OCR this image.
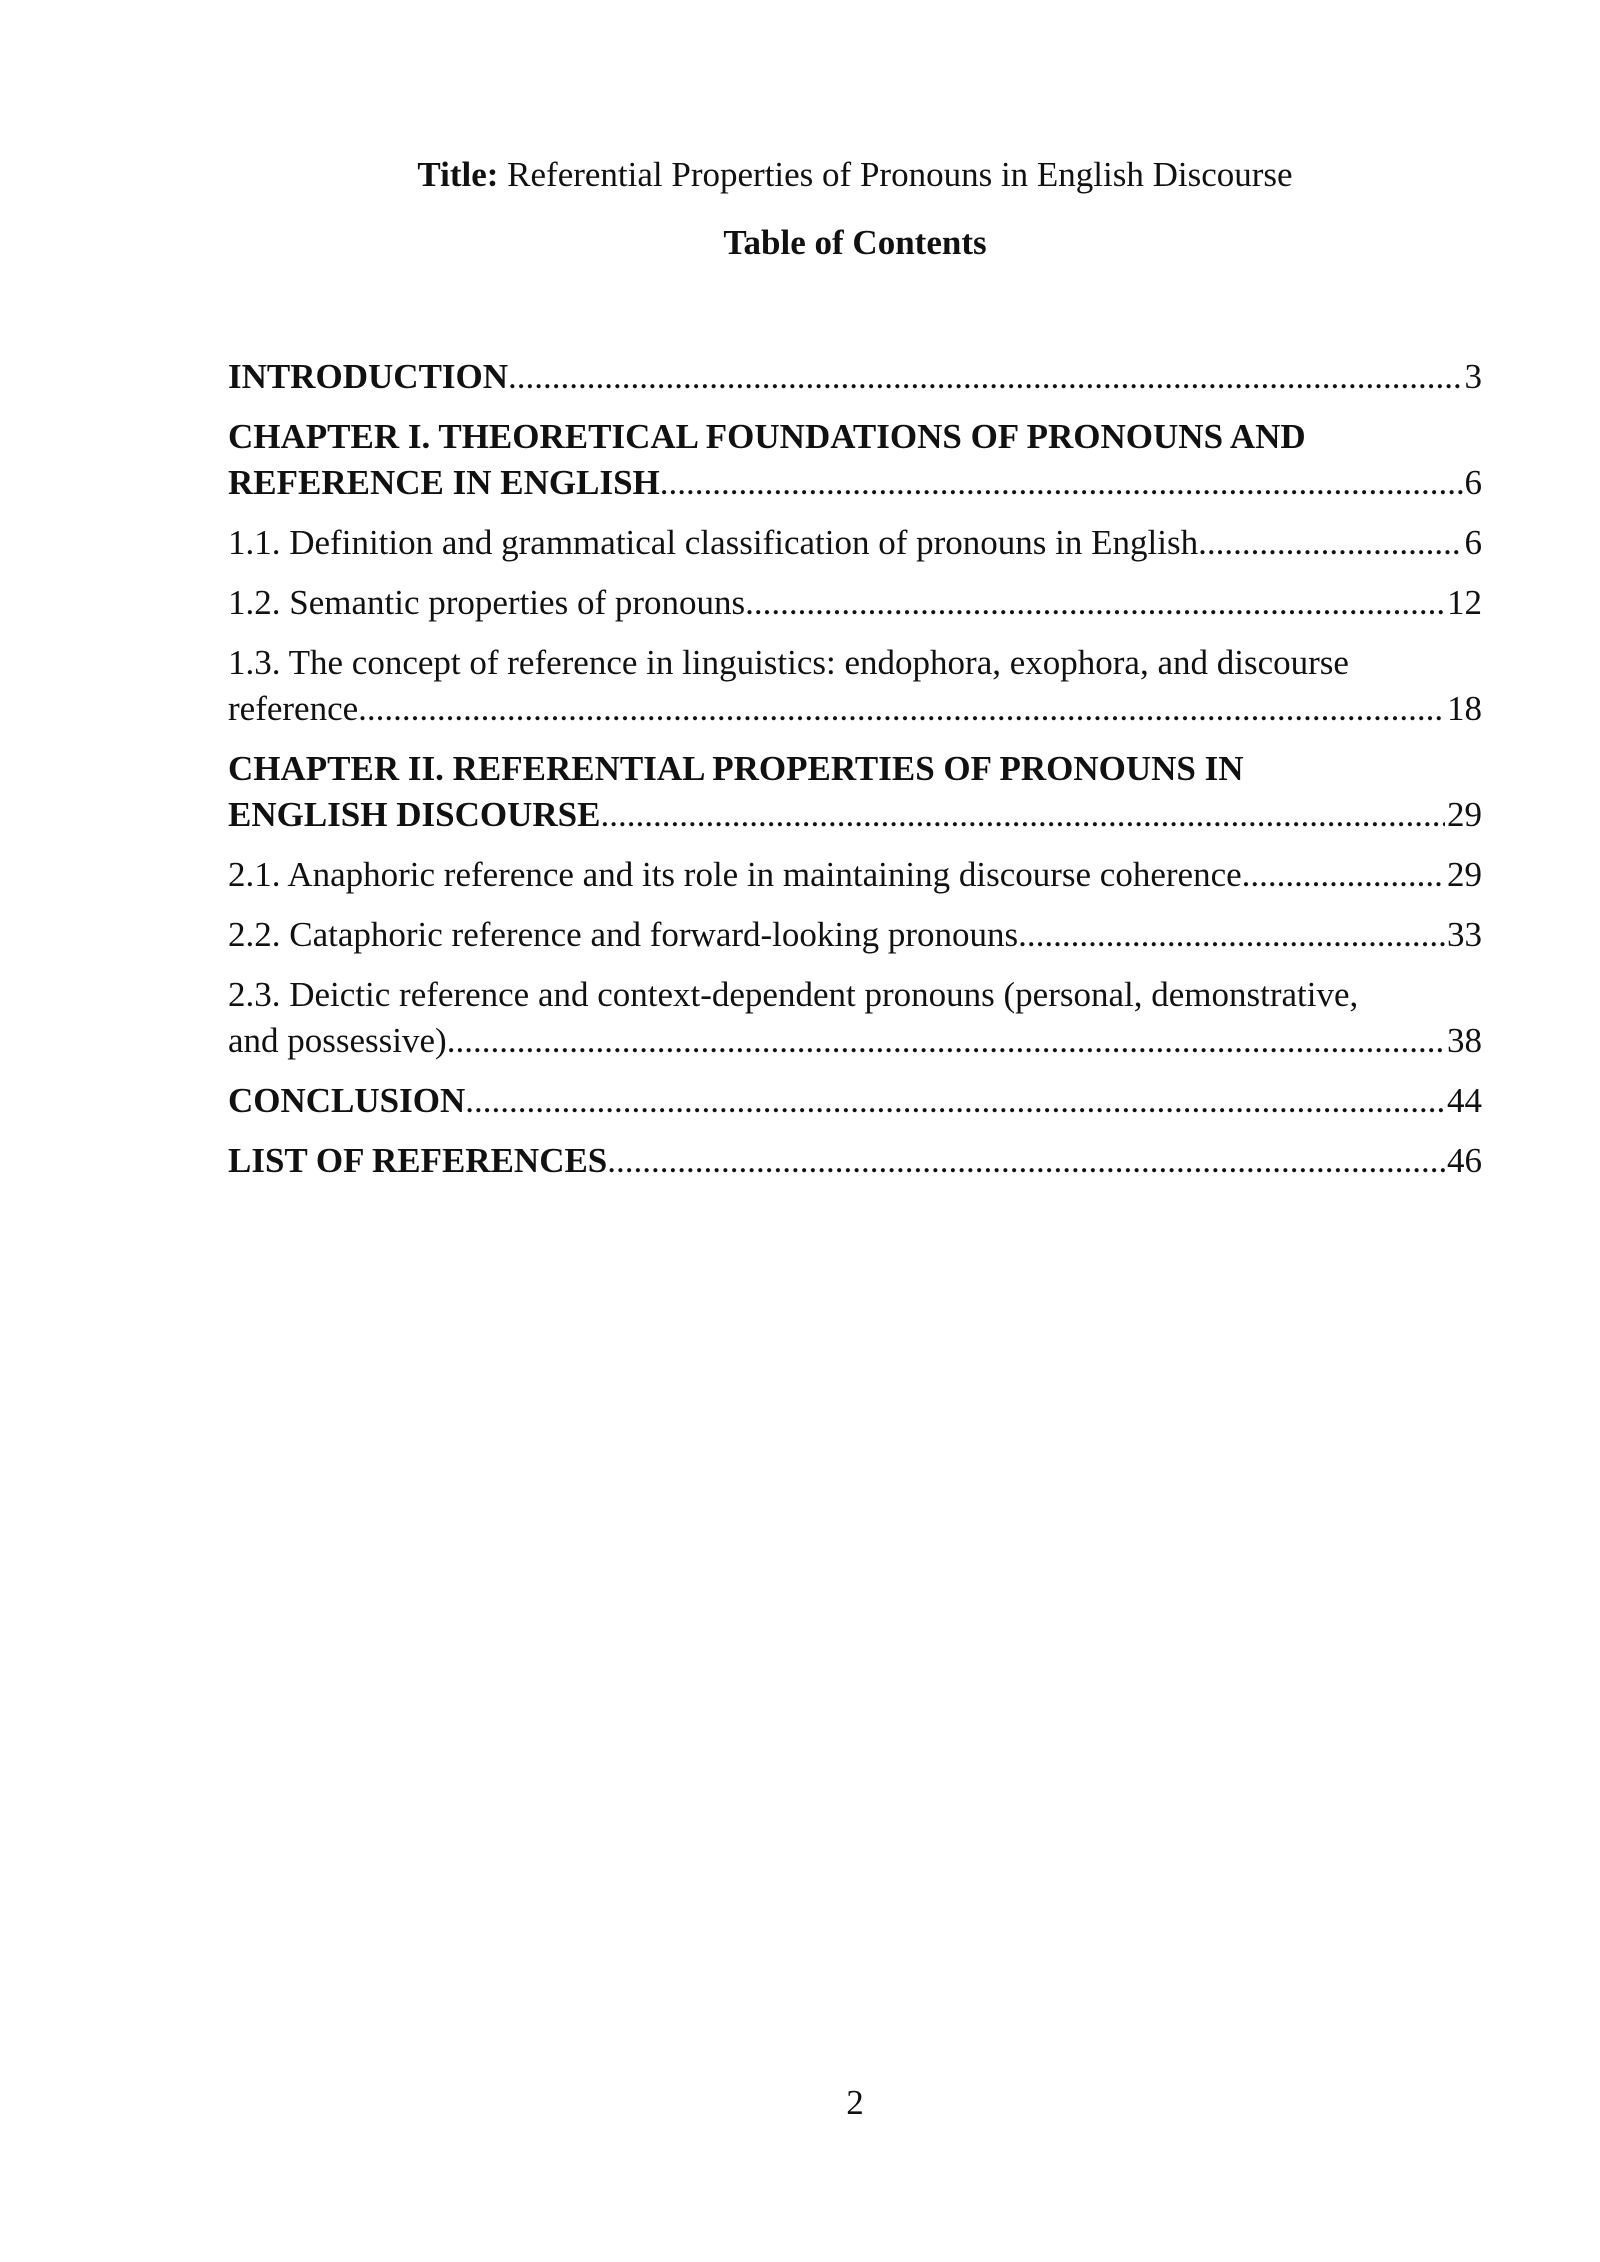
Title: Referential Properties of Pronouns in English Discourse
Table of Contents
INTRODUCTION .....	3
CHAPTER I. THEORETICAL FOUNDATIONS OF PRONOUNS AND
REFERENCE IN ENGLISH .....	6
1.1. Definition and grammatical classification of pronouns in English .....	6
1.2. Semantic properties of pronouns .....	12
1.3. The concept of reference in linguistics: endophora, exophora, and discourse
reference .....	18
CHAPTER II. REFERENTIAL PROPERTIES OF PRONOUNS IN
ENGLISH DISCOURSE .....	29
2.1. Anaphoric reference and its role in maintaining discourse coherence .....	29
2.2. Cataphoric reference and forward-looking pronouns .....	33
2.3. Deictic reference and context-dependent pronouns (personal, demonstrative,
and possessive) .....	38
CONCLUSION .....	44
LIST OF REFERENCES .....	46
2
